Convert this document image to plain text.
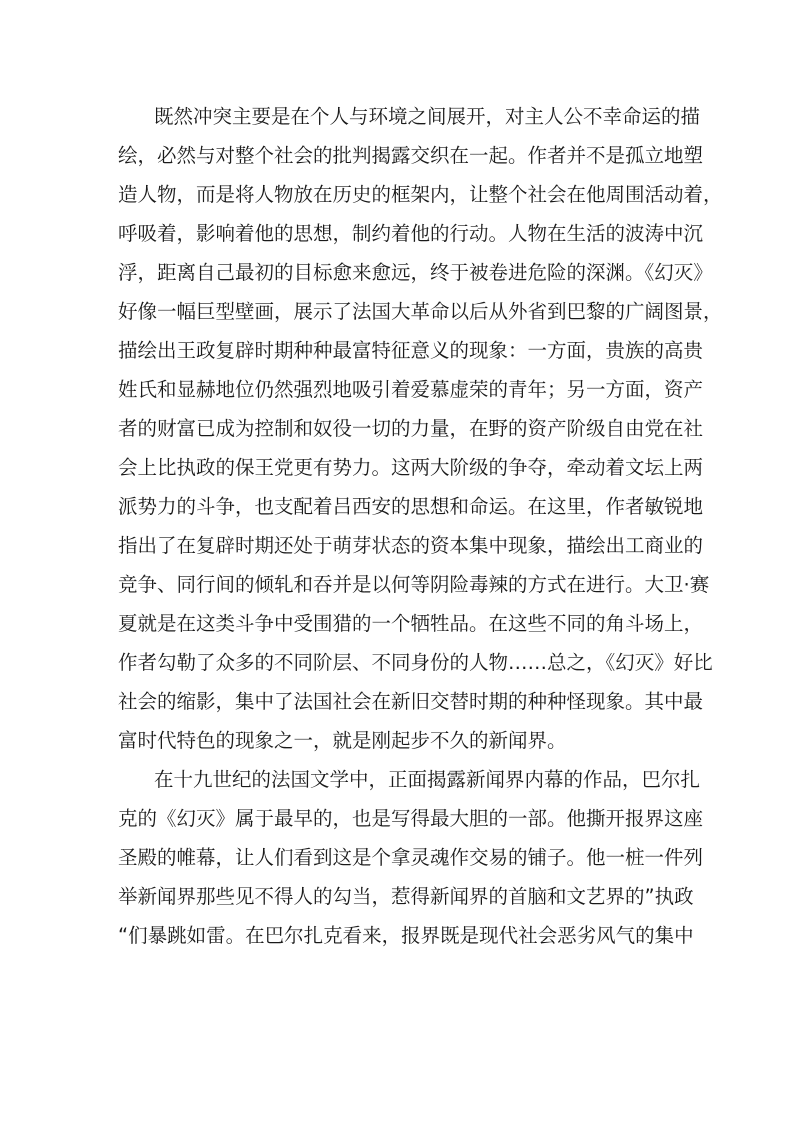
既然冲突主要是在个人与环境之间展开，对主人公不幸命运的描
绘，必然与对整个社会的批判揭露交织在一起。作者并不是孤立地塑
造人物，而是将人物放在历史的框架内，让整个社会在他周围活动着，
呼吸着，影响着他的思想，制约着他的行动。人物在生活的波涛中沉
浮，距离自己最初的目标愈来愈远，终于被卷进危险的深渊。《幻灭》
好像一幅巨型壁画，展示了法国大革命以后从外省到巴黎的广阔图景，
描绘出王政复辟时期种种最富特征意义的现象：一方面，贵族的高贵
姓氏和显赫地位仍然强烈地吸引着爱慕虚荣的青年；另一方面，资产
者的财富已成为控制和奴役一切的力量，在野的资产阶级自由党在社
会上比执政的保王党更有势力。这两大阶级的争夺，牵动着文坛上两
派势力的斗争，也支配着吕西安的思想和命运。在这里，作者敏锐地
指出了在复辟时期还处于萌芽状态的资本集中现象，描绘出工商业的
竞争、同行间的倾轧和吞并是以何等阴险毒辣的方式在进行。大卫·赛
夏就是在这类斗争中受围猎的一个牺牲品。在这些不同的角斗场上，
作者勾勒了众多的不同阶层、不同身份的人物……总之，《幻灭》好比
社会的缩影，集中了法国社会在新旧交替时期的种种怪现象。其中最
富时代特色的现象之一，就是刚起步不久的新闻界。
在十九世纪的法国文学中，正面揭露新闻界内幕的作品，巴尔扎
克的《幻灭》属于最早的，也是写得最大胆的一部。他撕开报界这座
圣殿的帷幕，让人们看到这是个拿灵魂作交易的铺子。他一桩一件列
举新闻界那些见不得人的勾当，惹得新闻界的首脑和文艺界的”执政
“们暴跳如雷。在巴尔扎克看来，报界既是现代社会恶劣风气的集中
